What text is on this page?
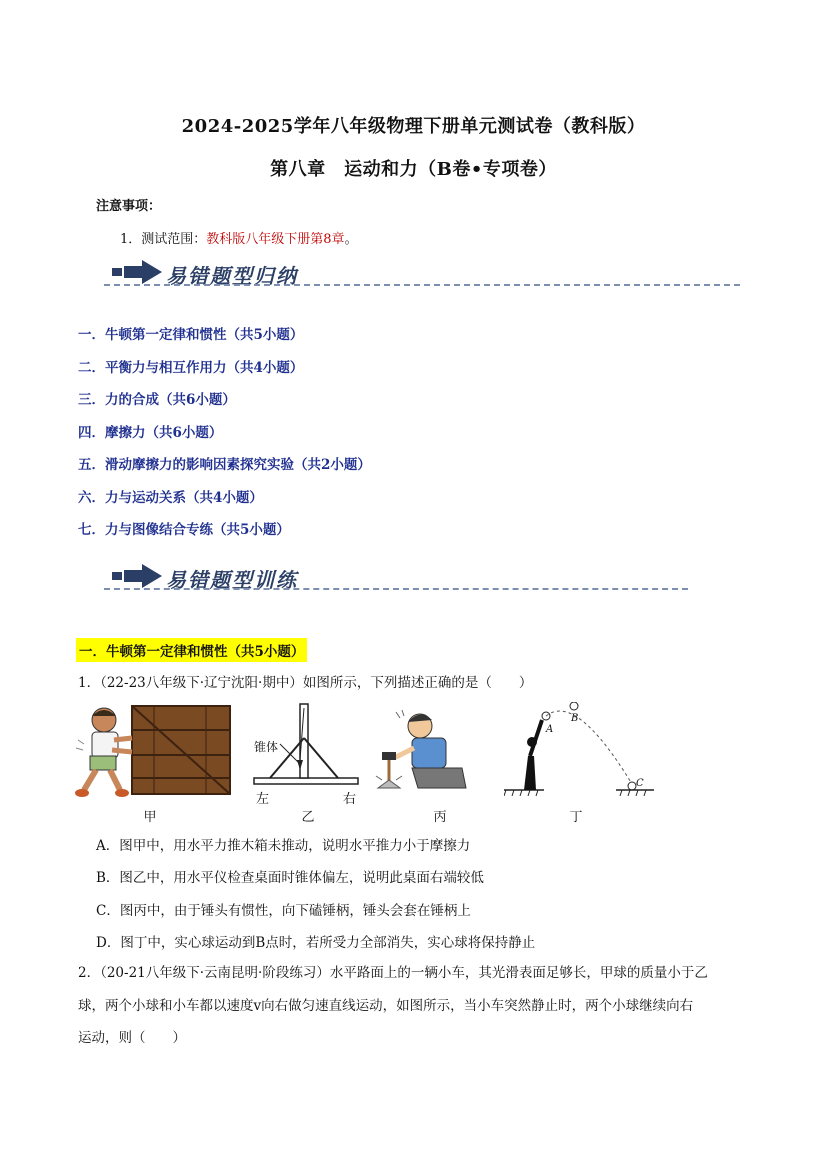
2024-2025学年八年级物理下册单元测试卷（教科版）
第八章　运动和力（B卷•专项卷）
注意事项：
1．测试范围：教科版八年级下册第8章。
易错题型归纳
一．牛顿第一定律和惯性（共5小题）
二．平衡力与相互作用力（共4小题）
三．力的合成（共6小题）
四．摩擦力（共6小题）
五．滑动摩擦力的影响因素探究实验（共2小题）
六．力与运动关系（共4小题）
七．力与图像结合专练（共5小题）
易错题型训练
一．牛顿第一定律和惯性（共5小题）
1．（22-23八年级下·辽宁沈阳·期中）如图所示，下列描述正确的是（　　）
甲
锥体
左	右
乙	丙
A
B
C
丁
A．图甲中，用水平力推木箱未推动，说明水平推力小于摩擦力
B．图乙中，用水平仪检查桌面时锥体偏左，说明此桌面右端较低
C．图丙中，由于锤头有惯性，向下磕锤柄，锤头会套在锤柄上
D．图丁中，实心球运动到B点时，若所受力全部消失，实心球将保持静止
2．（20-21八年级下·云南昆明·阶段练习）水平路面上的一辆小车，其光滑表面足够长，甲球的质量小于乙
球，两个小球和小车都以速度v向右做匀速直线运动，如图所示，当小车突然静止时，两个小球继续向右
运动，则（　　）
